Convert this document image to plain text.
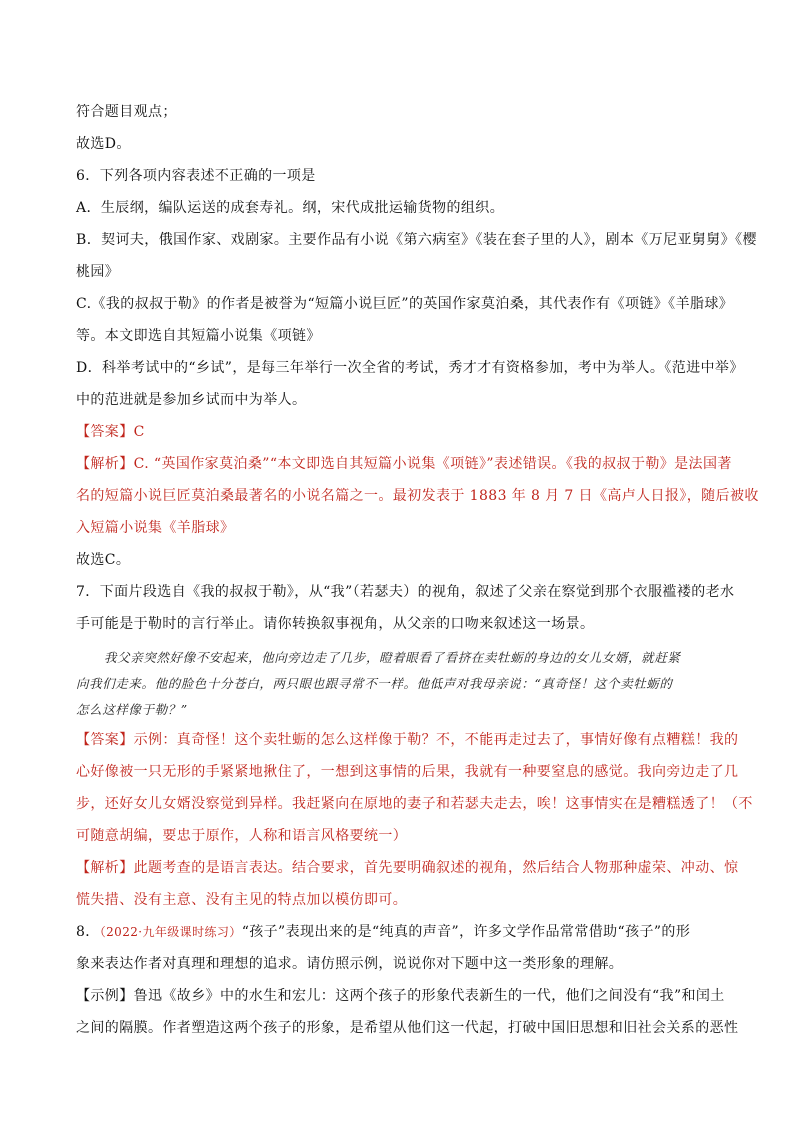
符合题目观点；
故选D。
6．下列各项内容表述不正确的一项是
A．生辰纲，编队运送的成套寿礼。纲，宋代成批运输货物的组织。
B．契诃夫，俄国作家、戏剧家。主要作品有小说《第六病室》《装在套子里的人》，剧本《万尼亚舅舅》《樱
桃园》
C.《我的叔叔于勒》的作者是被誉为“短篇小说巨匠”的英国作家莫泊桑，其代表作有《项链》《羊脂球》
等。本文即选自其短篇小说集《项链》
D．科举考试中的“乡试”，是每三年举行一次全省的考试，秀才才有资格参加，考中为举人。《范进中举》
中的范进就是参加乡试而中为举人。
【答案】C
【解析】C. “英国作家莫泊桑”“本文即选自其短篇小说集《项链》”表述错误。《我的叔叔于勒》是法国著
名的短篇小说巨匠莫泊桑最著名的小说名篇之一。最初发表于 1883 年 8 月 7 日《高卢人日报》，随后被收
入短篇小说集《羊脂球》
故选C。
7．下面片段选自《我的叔叔于勒》，从“我”（若瑟夫）的视角，叙述了父亲在察觉到那个衣服褴褛的老水
手可能是于勒时的言行举止。请你转换叙事视角，从父亲的口吻来叙述这一场景。
我父亲突然好像不安起来，他向旁边走了几步，瞪着眼看了看挤在卖牡蛎的身边的女儿女婿，就赶紧
向我们走来。他的脸色十分苍白，两只眼也跟寻常不一样。他低声对我母亲说：“真奇怪！这个卖牡蛎的
怎么这样像于勒？”
【答案】示例：真奇怪！这个卖牡蛎的怎么这样像于勒？不，不能再走过去了，事情好像有点糟糕！我的
心好像被一只无形的手紧紧地揪住了，一想到这事情的后果，我就有一种要窒息的感觉。我向旁边走了几
步，还好女儿女婿没察觉到异样。我赶紧向在原地的妻子和若瑟夫走去，唉！这事情实在是糟糕透了！（不
可随意胡编，要忠于原作，人称和语言风格要统一）
【解析】此题考查的是语言表达。结合要求，首先要明确叙述的视角，然后结合人物那种虚荣、冲动、惊
慌失措、没有主意、没有主见的特点加以模仿即可。
8．（2022·九年级课时练习）“孩子”表现出来的是“纯真的声音”，许多文学作品常常借助“孩子”的形
象来表达作者对真理和理想的追求。请仿照示例，说说你对下题中这一类形象的理解。
【示例】鲁迅《故乡》中的水生和宏儿：这两个孩子的形象代表新生的一代，他们之间没有“我”和闰土
之间的隔膜。作者塑造这两个孩子的形象，是希望从他们这一代起，打破中国旧思想和旧社会关系的恶性
